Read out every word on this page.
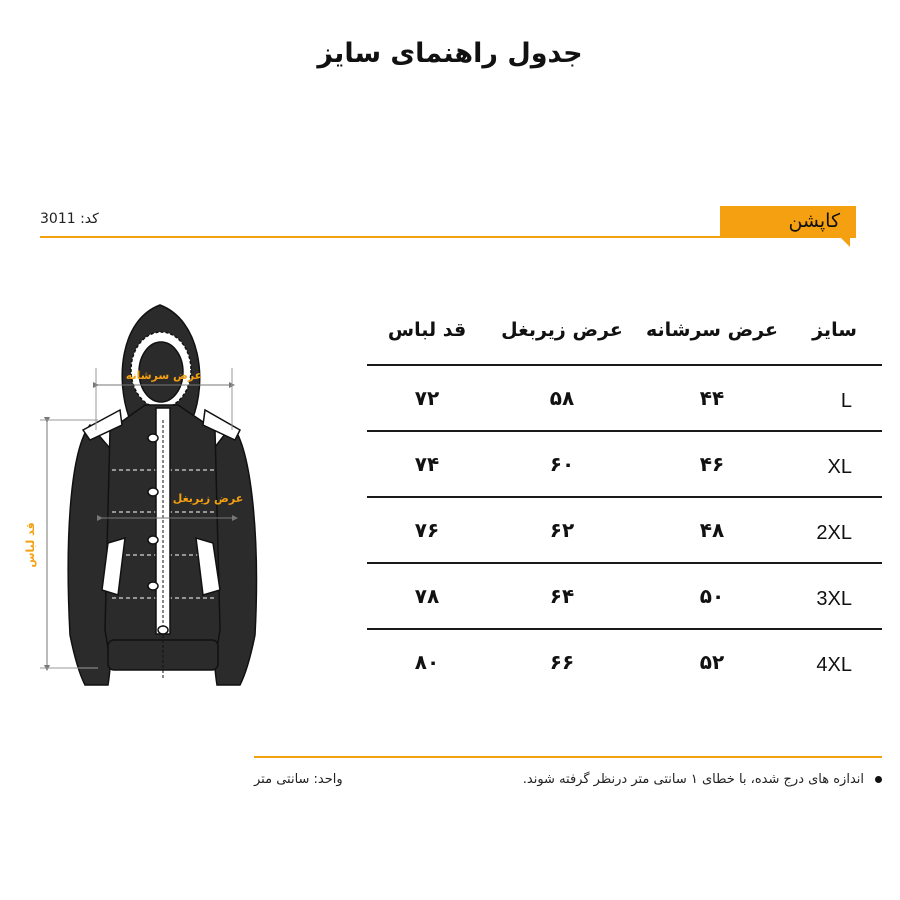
جدول راهنمای سایز
کاپشن
کد: 3011
عرض سرشانه
عرض زیربغل
قد لباس
سایز
عرض سرشانه
عرض زیربغل
قد لباس
L
۴۴
۵۸
۷۲
XL
۴۶
۶۰
۷۴
2XL
۴۸
۶۲
۷۶
3XL
۵۰
۶۴
۷۸
4XL
۵۲
۶۶
۸۰
اندازه های درج شده، با خطای ۱ سانتی متر درنظر گرفته شوند.
واحد: سانتی متر
